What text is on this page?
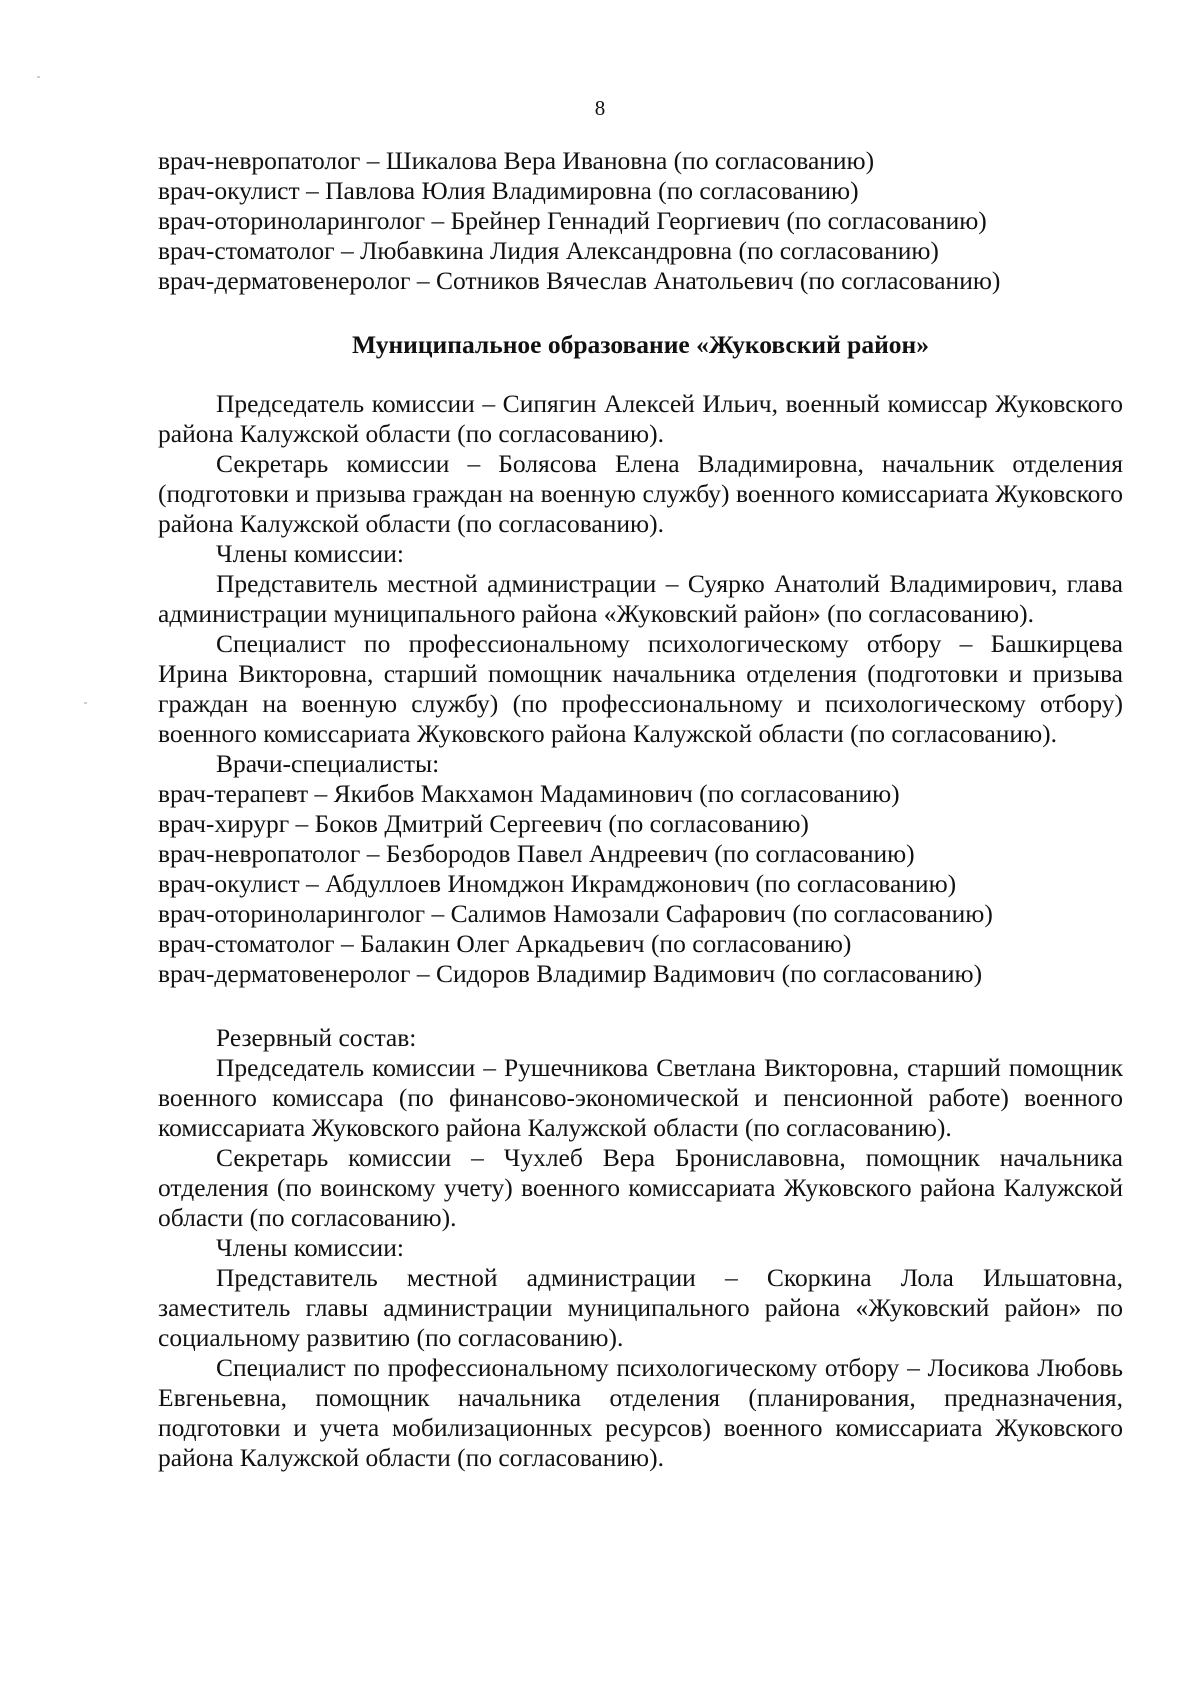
8

врач-невропатолог – Шикалова Вера Ивановна (по согласованию)

врач-окулист – Павлова Юлия Владимировна (по согласованию)

врач-оториноларинголог – Брейнер Геннадий Георгиевич (по согласованию)

врач-стоматолог – Любавкина Лидия Александровна (по согласованию)

врач-дерматовенеролог – Сотников Вячеслав Анатольевич (по согласованию)

Муниципальное образование «Жуковский район»

Председатель комиссии – Сипягин Алексей Ильич, военный комиссар Жуковского района Калужской области (по согласованию).

Секретарь комиссии – Болясова Елена Владимировна, начальник отделения (подготовки и призыва граждан на военную службу) военного комиссариата Жуковского района Калужской области (по согласованию).

Члены комиссии:

Представитель местной администрации – Суярко Анатолий Владимирович, глава администрации муниципального района «Жуковский район» (по согласованию).

Специалист по профессиональному психологическому отбору – Башкирцева Ирина Викторовна, старший помощник начальника отделения (подготовки и призыва граждан на военную службу) (по профессиональному и психологическому отбору) военного комиссариата Жуковского района Калужской области (по согласованию).

Врачи-специалисты:

врач-терапевт – Якибов Макхамон Мадаминович (по согласованию)

врач-хирург – Боков Дмитрий Сергеевич (по согласованию)

врач-невропатолог – Безбородов Павел Андреевич (по согласованию)

врач-окулист – Абдуллоев Иномджон Икрамджонович (по согласованию)

врач-оториноларинголог – Салимов Намозали Сафарович (по согласованию)

врач-стоматолог – Балакин Олег Аркадьевич (по согласованию)

врач-дерматовенеролог – Сидоров Владимир Вадимович (по согласованию)

Резервный состав:

Председатель комиссии – Рушечникова Светлана Викторовна, старший помощник военного комиссара (по финансово-экономической и пенсионной работе) военного комиссариата Жуковского района Калужской области (по согласованию).

Секретарь комиссии – Чухлеб Вера Брониславовна, помощник начальника отделения (по воинскому учету) военного комиссариата Жуковского района Калужской области (по согласованию).

Члены комиссии:

Представитель местной администрации – Скоркина Лола Ильшатовна, заместитель главы администрации муниципального района «Жуковский район» по социальному развитию (по согласованию).

Специалист по профессиональному психологическому отбору – Лосикова Любовь Евгеньевна, помощник начальника отделения (планирования, предназначения, подготовки и учета мобилизационных ресурсов) военного комиссариата Жуковского района Калужской области (по согласованию).
